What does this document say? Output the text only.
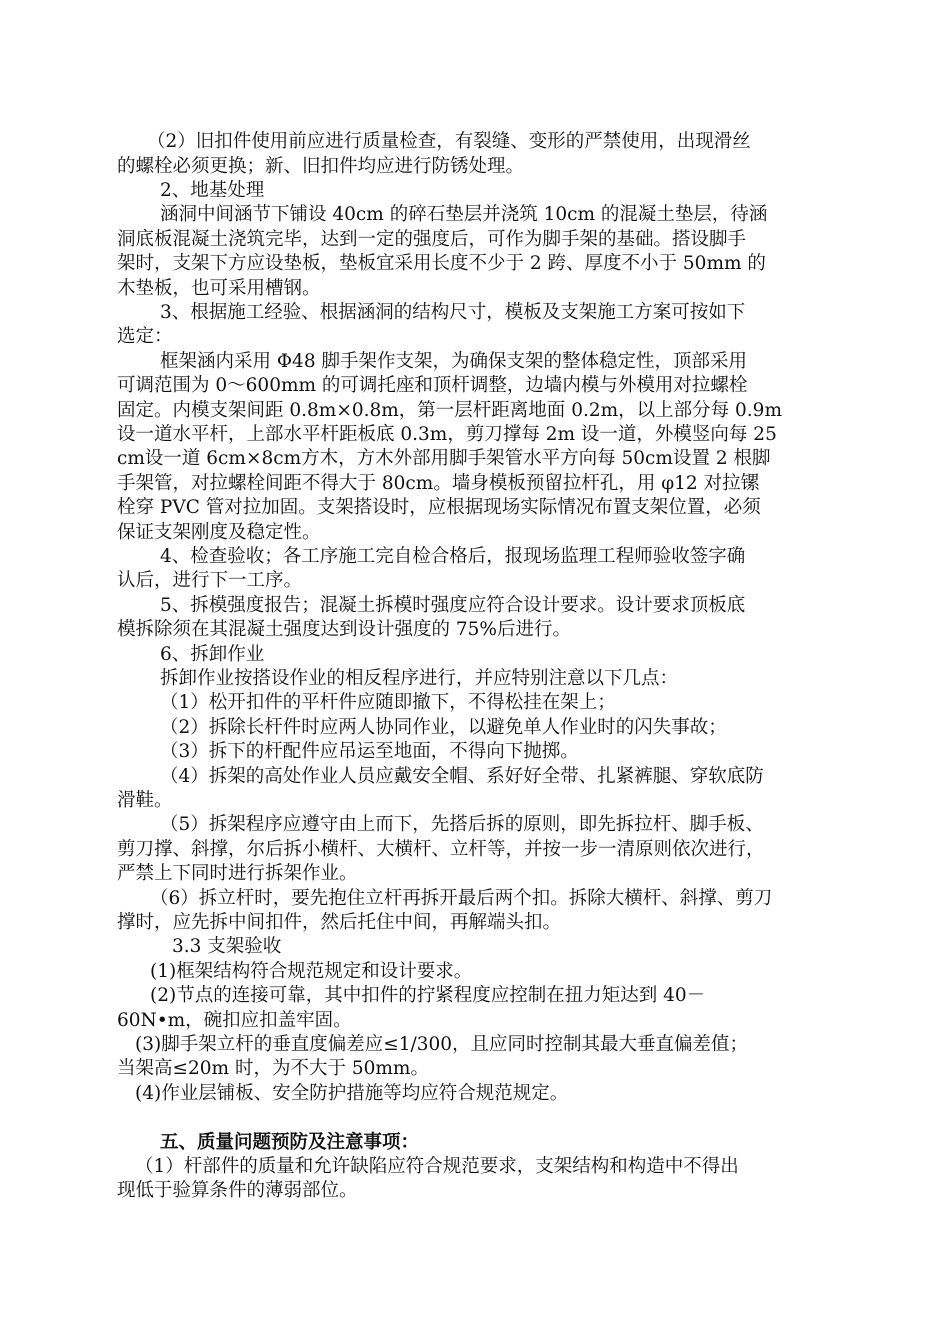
（2）旧扣件使用前应进行质量检查，有裂缝、变形的严禁使用，出现滑丝
的螺栓必须更换；新、旧扣件均应进行防锈处理。
2、地基处理
涵洞中间涵节下铺设 40cm 的碎石垫层并浇筑 10cm 的混凝土垫层，待涵
洞底板混凝土浇筑完毕，达到一定的强度后，可作为脚手架的基础。搭设脚手
架时，支架下方应设垫板，垫板宜采用长度不少于 2 跨、厚度不小于 50mm 的
木垫板，也可采用槽钢。
3、根据施工经验、根据涵洞的结构尺寸，模板及支架施工方案可按如下
选定：
框架涵内采用 Φ48 脚手架作支架，为确保支架的整体稳定性，顶部采用
可调范围为 0～600mm 的可调托座和顶杆调整，边墙内模与外模用对拉螺栓
固定。内模支架间距 0.8m×0.8m，第一层杆距离地面 0.2m，以上部分每 0.9m
设一道水平杆，上部水平杆距板底 0.3m，剪刀撑每 2m 设一道，外模竖向每 25
cm设一道 6cm×8cm方木，方木外部用脚手架管水平方向每 50cm设置 2 根脚
手架管，对拉螺栓间距不得大于 80cm。墙身模板预留拉杆孔，用 φ12 对拉镙
栓穿 PVC 管对拉加固。支架搭设时，应根据现场实际情况布置支架位置，必须
保证支架刚度及稳定性。
4、检查验收；各工序施工完自检合格后，报现场监理工程师验收签字确
认后，进行下一工序。
5、拆模强度报告；混凝土拆模时强度应符合设计要求。设计要求顶板底
模拆除须在其混凝土强度达到设计强度的 75%后进行。
6、拆卸作业
拆卸作业按搭设作业的相反程序进行，并应特别注意以下几点：
（1）松开扣件的平杆件应随即撤下，不得松挂在架上；
（2）拆除长杆件时应两人协同作业，以避免单人作业时的闪失事故；
（3）拆下的杆配件应吊运至地面，不得向下抛掷。
（4）拆架的高处作业人员应戴安全帽、系好好全带、扎紧裤腿、穿软底防
滑鞋。
（5）拆架程序应遵守由上而下，先搭后拆的原则，即先拆拉杆、脚手板、
剪刀撑、斜撑，尔后拆小横杆、大横杆、立杆等，并按一步一清原则依次进行，
严禁上下同时进行拆架作业。
（6）拆立杆时，要先抱住立杆再拆开最后两个扣。拆除大横杆、斜撑、剪刀
撑时，应先拆中间扣件，然后托住中间，再解端头扣。
3.3 支架验收
(1)框架结构符合规范规定和设计要求。
(2)节点的连接可靠，其中扣件的拧紧程度应控制在扭力矩达到 40－
60N•m，碗扣应扣盖牢固。
(3)脚手架立杆的垂直度偏差应≤1/300，且应同时控制其最大垂直偏差值；
当架高≤20m 时，为不大于 50mm。
(4)作业层铺板、安全防护措施等均应符合规范规定。
五、质量问题预防及注意事项：
（1）杆部件的质量和允许缺陷应符合规范要求，支架结构和构造中不得出
现低于验算条件的薄弱部位。
